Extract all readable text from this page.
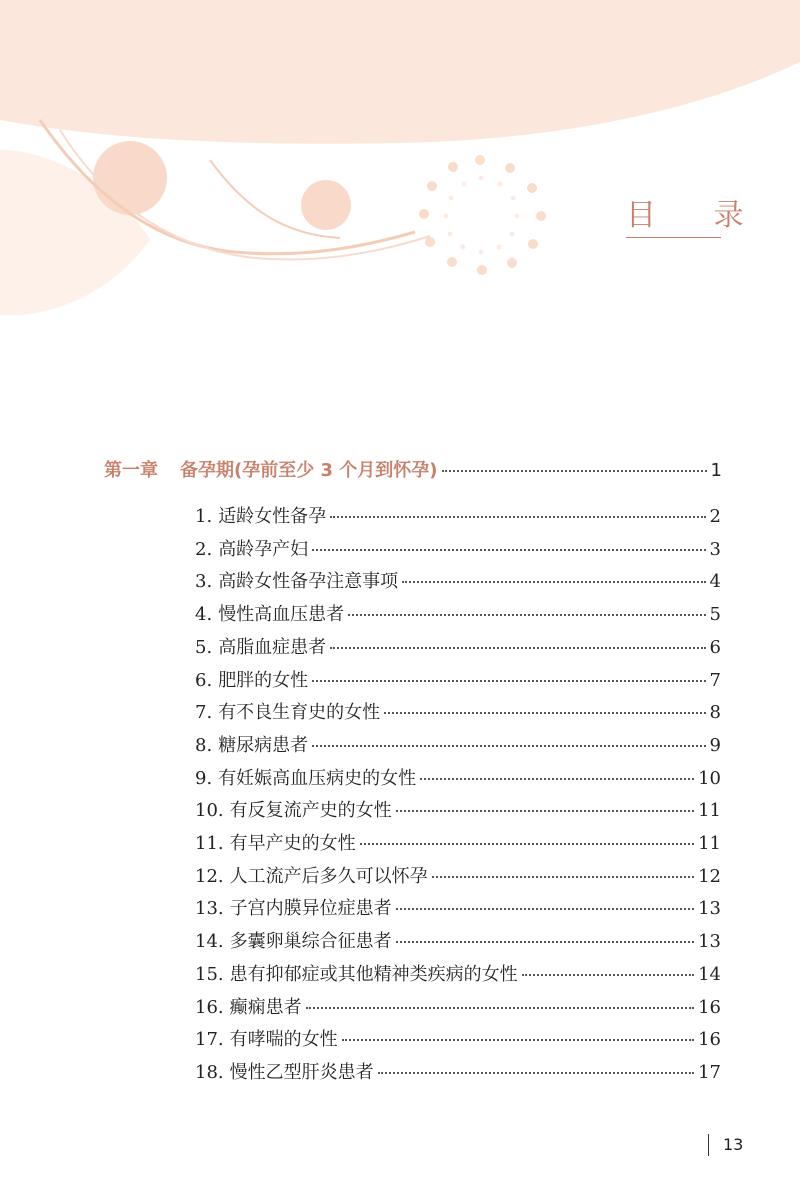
目 录
第一章 备孕期(孕前至少 3 个月到怀孕)	1
1. 适龄女性备孕	2
2. 高龄孕产妇	3
3. 高龄女性备孕注意事项	4
4. 慢性高血压患者	5
5. 高脂血症患者	6
6. 肥胖的女性	7
7. 有不良生育史的女性	8
8. 糖尿病患者	9
9. 有妊娠高血压病史的女性	10
10. 有反复流产史的女性	11
11. 有早产史的女性	11
12. 人工流产后多久可以怀孕	12
13. 子宫内膜异位症患者	13
14. 多囊卵巢综合征患者	13
15. 患有抑郁症或其他精神类疾病的女性	14
16. 癫痫患者	16
17. 有哮喘的女性	16
18. 慢性乙型肝炎患者	17
13
